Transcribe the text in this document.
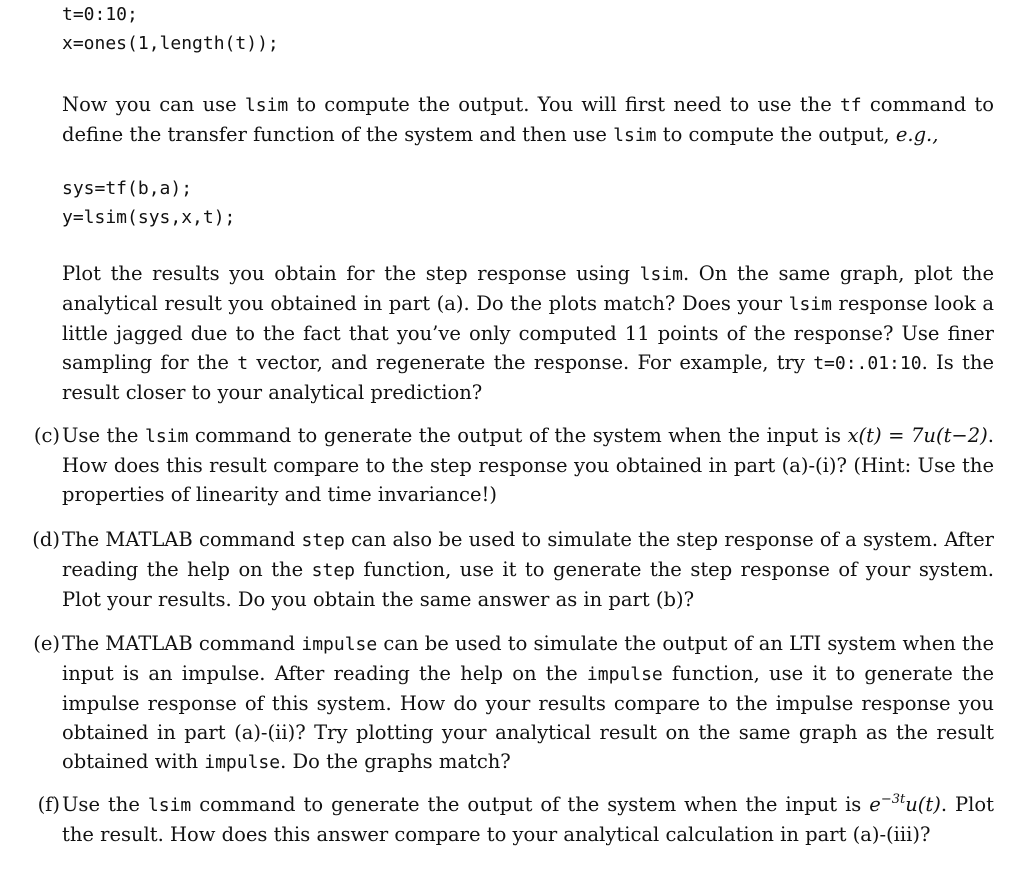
t=0:10;
x=ones(1,length(t));
Now you can use lsim to compute the output. You will first need to use the tf command to define the transfer function of the system and then use lsim to compute the output, e.g.,
sys=tf(b,a);
y=lsim(sys,x,t);
Plot the results you obtain for the step response using lsim. On the same graph, plot the analytical result you obtained in part (a). Do the plots match? Does your lsim response look a little jagged due to the fact that you’ve only computed 11 points of the response? Use finer sampling for the t vector, and regenerate the response. For example, try t=0:.01:10. Is the result closer to your analytical prediction?
(c) Use the lsim command to generate the output of the system when the input is x(t) = 7u(t−2). How does this result compare to the step response you obtained in part (a)-(i)? (Hint: Use the properties of linearity and time invariance!)
(d) The MATLAB command step can also be used to simulate the step response of a system. After reading the help on the step function, use it to generate the step response of your system. Plot your results. Do you obtain the same answer as in part (b)?
(e) The MATLAB command impulse can be used to simulate the output of an LTI system when the input is an impulse. After reading the help on the impulse function, use it to generate the impulse response of this system. How do your results compare to the impulse response you obtained in part (a)-(ii)? Try plotting your analytical result on the same graph as the result obtained with impulse. Do the graphs match?
(f) Use the lsim command to generate the output of the system when the input is $e^{-3t}u(t)$. Plot the result. How does this answer compare to your analytical calculation in part (a)-(iii)?
